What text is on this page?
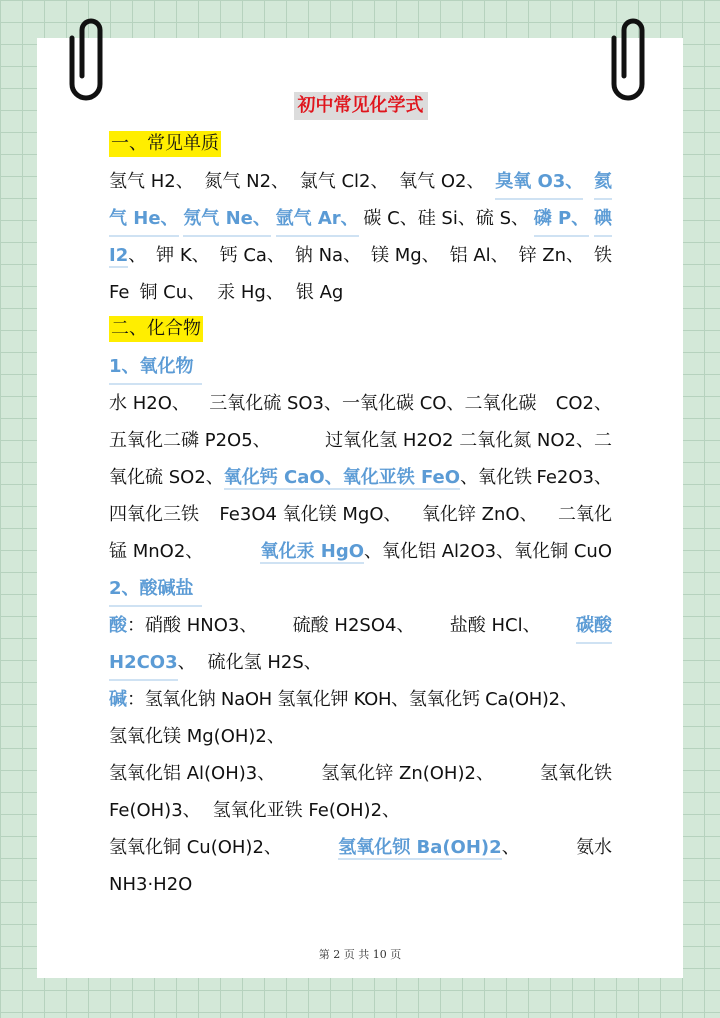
初中常见化学式
一、常见单质
氢气 H2、 氮气 N2、 氯气 Cl2、 氧气 O2、 臭氧 O3、 氦
气 He、 氖气 Ne、 氩气 Ar、 碳 C、硅 Si、硫 S、 磷 P、 碘
I2、 钾 K、 钙 Ca、 钠 Na、 镁 Mg、 铝 Al、 锌 Zn、 铁
Fe 铜 Cu、 汞 Hg、 银 Ag
二、化合物
1、氧化物
水 H2O、 三氧化硫 SO3、一氧化碳 CO、二氧化碳 CO2、
五氧化二磷 P2O5、	过氧化氢 H2O2 二氧化氮 NO2、二
氧化硫 SO2、氧化钙 CaO、氧化亚铁 FeO、氧化铁 Fe2O3、
四氧化三铁 Fe3O4 氧化镁 MgO、 氧化锌 ZnO、 二氧化
锰 MnO2、	氧化汞 HgO、氧化铝 Al2O3、氧化铜 CuO
2、酸碱盐
酸：硝酸 HNO3、 硫酸 H2SO4、 盐酸 HCl、 碳酸
H2CO3 、 硫化氢 H2S、
碱 ：氢氧化钠 NaOH 氢氧化钾 KOH、氢氧化钙 Ca(OH)2、
氢氧化镁 Mg(OH)2、
氢氧化铝 Al(OH)3、	氢氧化锌 Zn(OH)2、	氢氧化铁
Fe(OH)3、 氢氧化亚铁 Fe(OH)2、
氢氧化铜 Cu(OH)2、	氢氧化钡 Ba(OH)2、	氨水
NH3·H2O
第 2 页 共 10 页
